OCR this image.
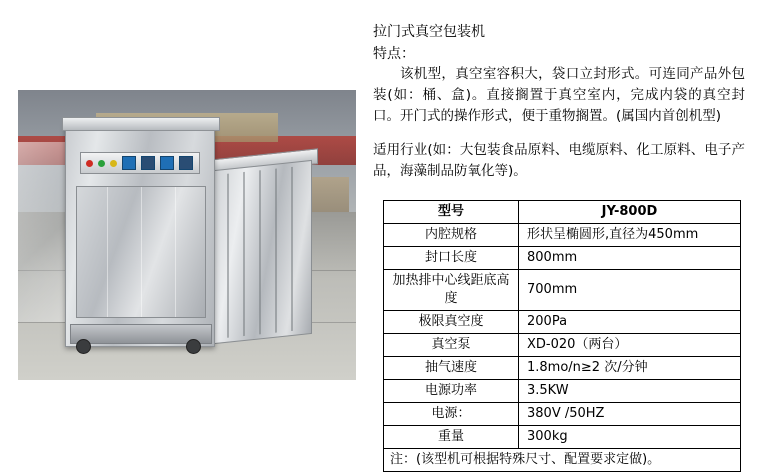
拉门式真空包装机
特点：
该机型，真空室容积大，袋口立封形式。可连同产品外包装(如：桶、盒)。直接搁置于真空室内，完成内袋的真空封口。开门式的操作形式，便于重物搁置。(属国内首创机型)
适用行业(如：大包装食品原料、电缆原料、化工原料、电子产品，海藻制品防氧化等)。
型号	JY-800D
内腔规格	形状呈椭圆形,直径为450mm
封口长度	800mm
加热排中心线距底高度	700mm
极限真空度	200Pa
真空泵	XD-020（两台）
抽气速度	1.8mo/n≥2 次/分钟
电源功率	3.5KW
电源：	380V /50HZ
重量	300kg
注：(该型机可根据特殊尺寸、配置要求定做)。	
